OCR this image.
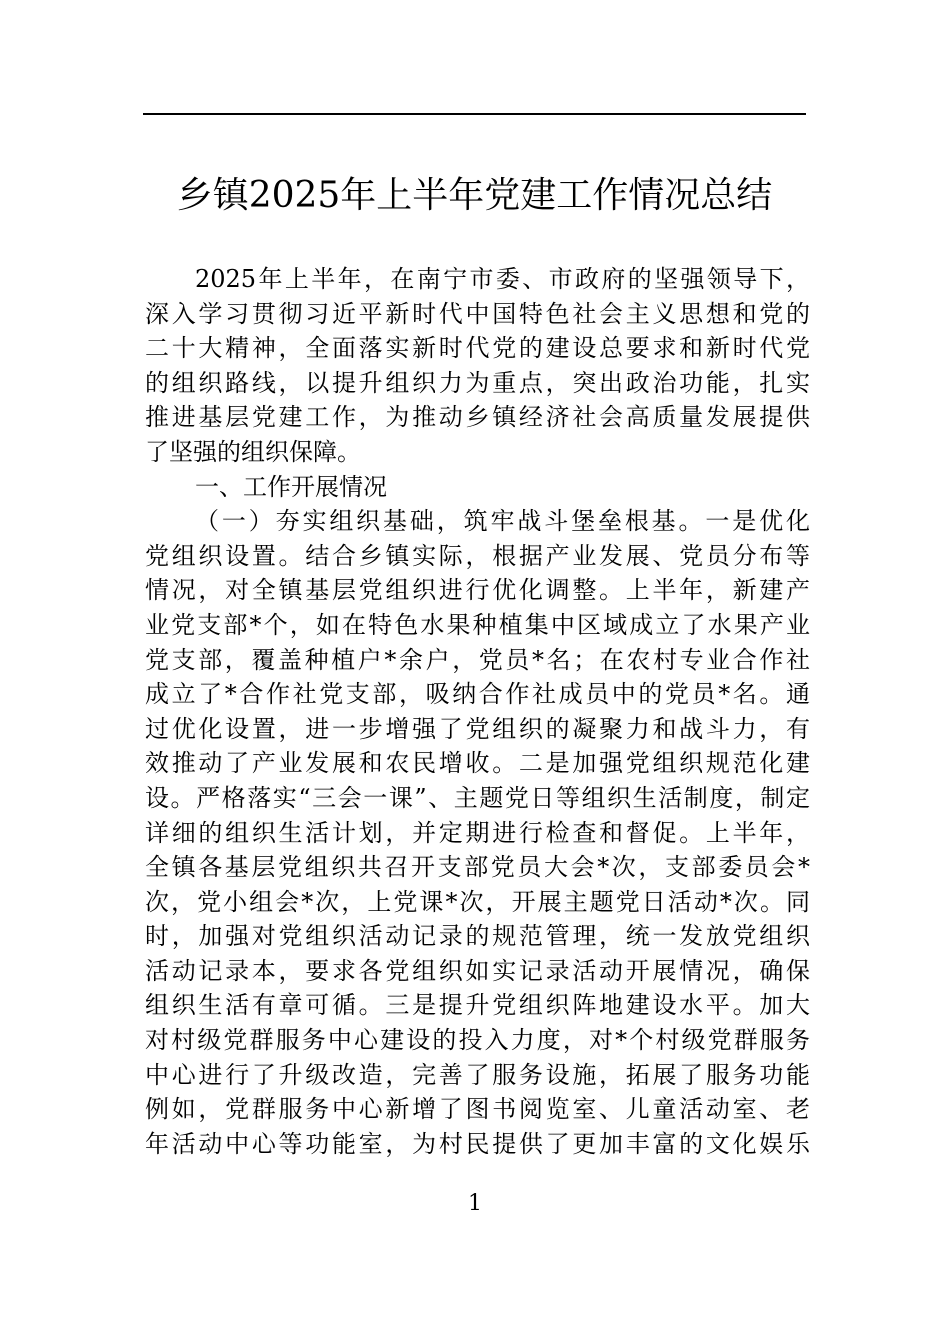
乡镇2025年上半年党建工作情况总结
2025年上半年，在南宁市委、市政府的坚强领导下，
深入学习贯彻习近平新时代中国特色社会主义思想和党的
二十大精神，全面落实新时代党的建设总要求和新时代党
的组织路线，以提升组织力为重点，突出政治功能，扎实
推进基层党建工作，为推动乡镇经济社会高质量发展提供
了坚强的组织保障。
一、工作开展情况
（一）夯实组织基础，筑牢战斗堡垒根基。一是优化
党组织设置。结合乡镇实际，根据产业发展、党员分布等
情况，对全镇基层党组织进行优化调整。上半年，新建产
业党支部*个，如在特色水果种植集中区域成立了水果产业
党支部，覆盖种植户*余户，党员*名；在农村专业合作社
成立了*合作社党支部，吸纳合作社成员中的党员*名。通
过优化设置，进一步增强了党组织的凝聚力和战斗力，有
效推动了产业发展和农民增收。二是加强党组织规范化建
设。严格落实“三会一课”、主题党日等组织生活制度，制定
详细的组织生活计划，并定期进行检查和督促。上半年，
全镇各基层党组织共召开支部党员大会*次，支部委员会*
次，党小组会*次，上党课*次，开展主题党日活动*次。同
时，加强对党组织活动记录的规范管理，统一发放党组织
活动记录本，要求各党组织如实记录活动开展情况，确保
组织生活有章可循。三是提升党组织阵地建设水平。加大
对村级党群服务中心建设的投入力度，对*个村级党群服务
中心进行了升级改造，完善了服务设施，拓展了服务功能
例如，党群服务中心新增了图书阅览室、儿童活动室、老
年活动中心等功能室，为村民提供了更加丰富的文化娱乐
1
